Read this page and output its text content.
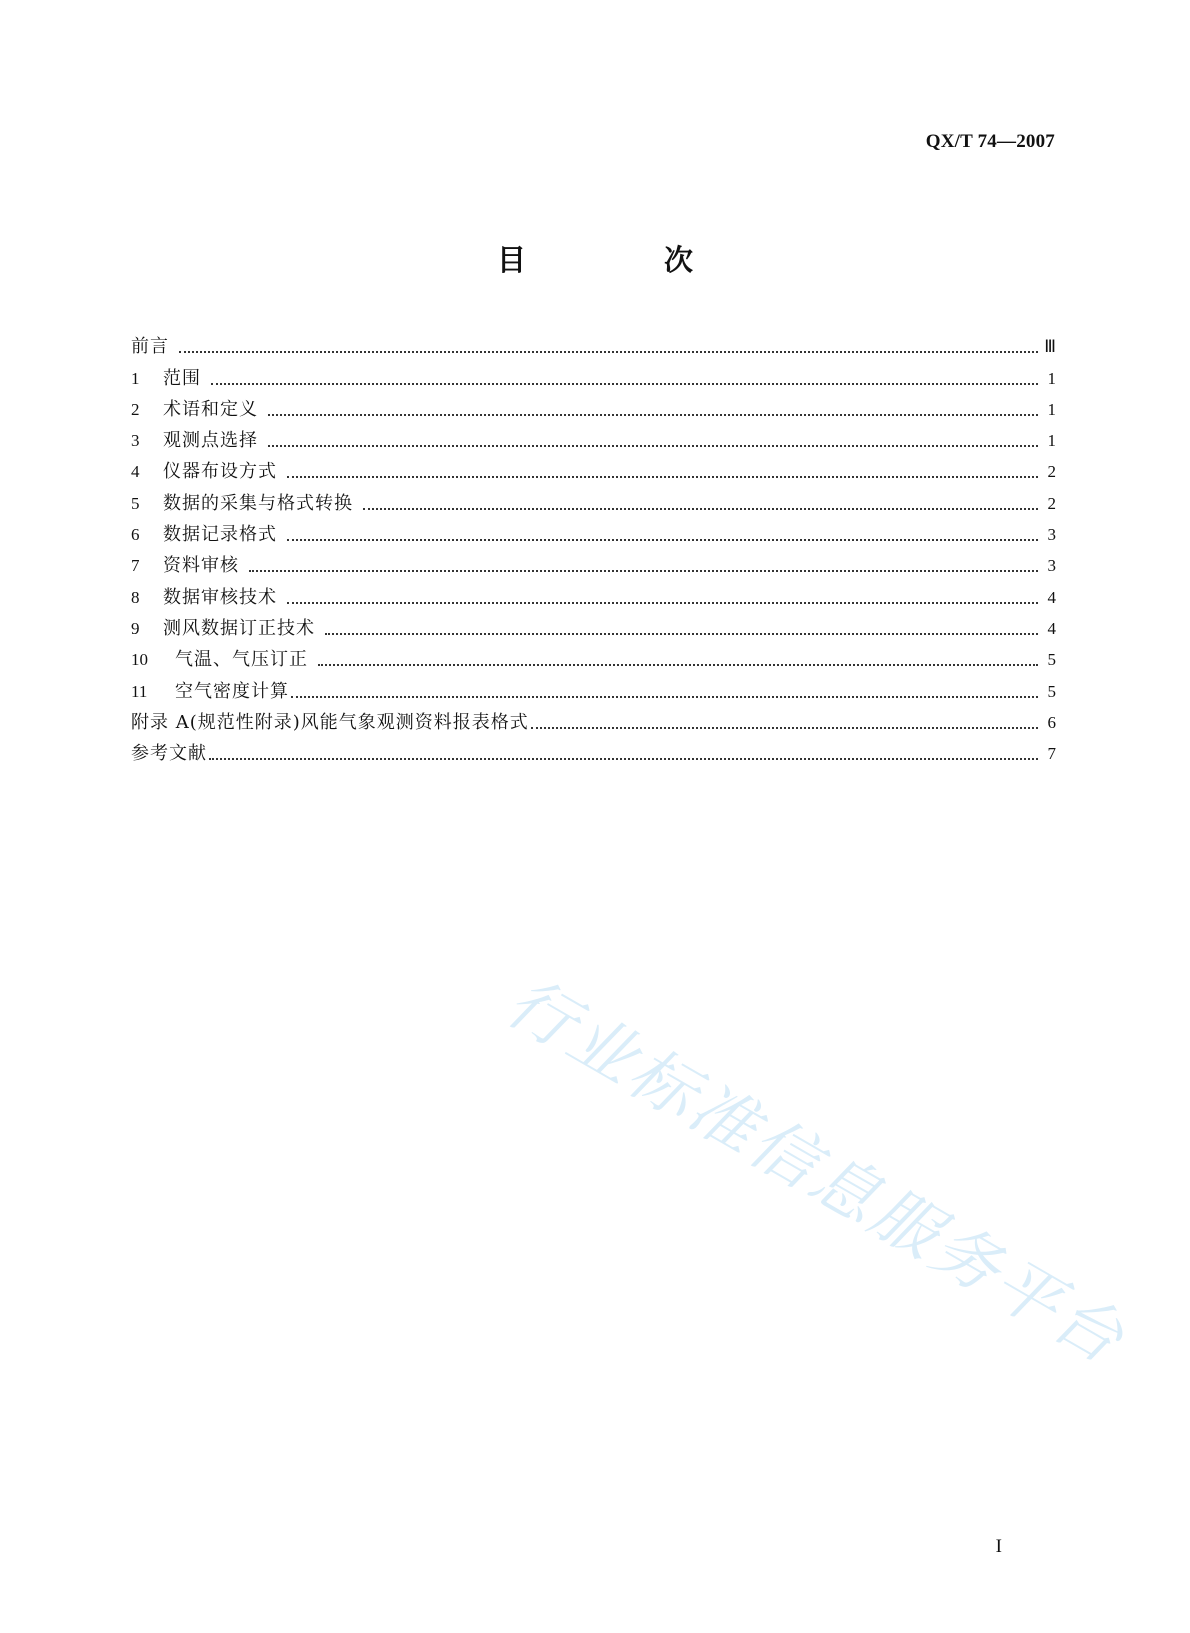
QX/T 74—2007
目 次
前言	Ⅲ
1	范围	1
2	术语和定义	1
3	观测点选择	1
4	仪器布设方式	2
5	数据的采集与格式转换	2
6	数据记录格式	3
7	资料审核	3
8	数据审核技术	4
9	测风数据订正技术	4
10	气温、气压订正	5
11	空气密度计算	5
附录 A(规范性附录)风能气象观测资料报表格式	6
参考文献	7
行业标准信息服务平台
I
